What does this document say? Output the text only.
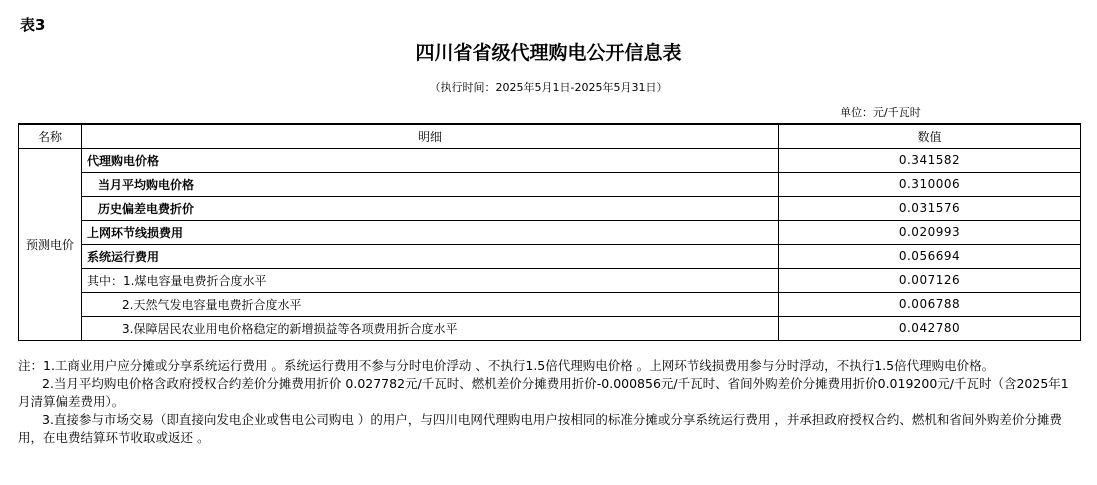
表3
四川省省级代理购电公开信息表
（执行时间：2025年5月1日-2025年5月31日）
单位：元/千瓦时
名称	明细	数值
预测电价	代理购电价格	0.341582
	当月平均购电价格	0.310006
	历史偏差电费折价	0.031576
	上网环节线损费用	0.020993
	系统运行费用	0.056694
	其中：1.煤电容量电费折合度水平	0.007126
	2.天然气发电容量电费折合度水平	0.006788
	3.保障居民农业用电价格稳定的新增损益等各项费用折合度水平	0.042780

注：1.工商业用户应分摊或分享系统运行费用 。系统运行费用不参与分时电价浮动 、不执行1.5倍代理购电价格 。上网环节线损费用参与分时浮动，不执行1.5倍代理购电价格。

2.当月平均购电价格含政府授权合约差价分摊费用折价 0.027782元/千瓦时、燃机差价分摊费用折价-0.000856元/千瓦时、省间外购差价分摊费用折价0.019200元/千瓦时（含2025年1月清算偏差费用）。

3.直接参与市场交易（即直接向发电企业或售电公司购电 ）的用户，与四川电网代理购电用户按相同的标准分摊或分享系统运行费用 ，并承担政府授权合约、燃机和省间外购差价分摊费用，在电费结算环节收取或返还 。
